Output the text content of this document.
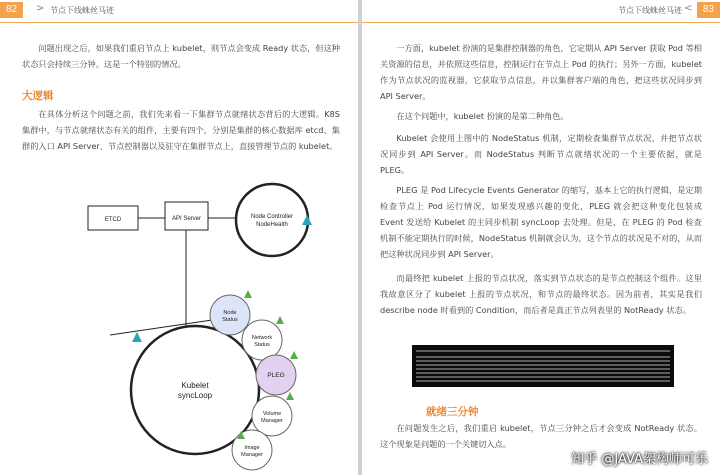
82	> 节点下线蛛丝马迹

问题出现之后，如果我们重启节点上 kubelet，则节点会变成 Ready 状态，但这种状态只会持续三分钟。这是一个特别的情况。

大逻辑

在具体分析这个问题之前，我们先来看一下集群节点就绪状态背后的大逻辑。K8S 集群中，与节点就绪状态有关的组件，主要有四个，分别是集群的核心数据库 etcd、集群的入口 API Server、节点控制器以及驻守在集群节点上，直接管理节点的 kubelet。

ETCD	API Server	Node Controller
NodeHealth
Kubelet
syncLoop
Node
Status
Network
Status
PLEG
Volume
Manager
Image
Manager
节点下线蛛丝马迹 <	83

一方面，kubelet 扮演的是集群控制器的角色，它定期从 API Server 获取 Pod 等相关资源的信息，并依照这些信息，控制运行在节点上 Pod 的执行；另外一方面，kubelet 作为节点状况的监视器，它获取节点信息，并以集群客户端的角色，把这些状况同步到 API Server。

在这个问题中，kubelet 扮演的是第二种角色。

Kubelet 会使用上图中的 NodeStatus 机制，定期检查集群节点状况，并把节点状况同步到 API Server。而 NodeStatus 判断节点就绪状况的一个主要依据，就是 PLEG。

PLEG 是 Pod Lifecycle Events Generator 的缩写，基本上它的执行逻辑，是定期检查节点上 Pod 运行情况，如果发现感兴趣的变化，PLEG 就会把这种变化包装成 Event 发送给 Kubelet 的主同步机制 syncLoop 去处理。但是，在 PLEG 的 Pod 检查机制不能定期执行的时候，NodeStatus 机制就会认为，这个节点的状况是不对的，从而把这种状况同步到 API Server。

而最终把 kubelet 上报的节点状况，落实到节点状态的是节点控制这个组件。这里我故意区分了 kubelet 上报的节点状况，和节点的最终状态。因为前者，其实是我们 describe node 时看到的 Condition，而后者是真正节点列表里的 NotReady 状态。

就绪三分钟

在问题发生之后，我们重启 kubelet，节点三分钟之后才会变成 NotReady 状态。这个现象是问题的一个关键切入点。

知乎 @JAVA架构师可乐
